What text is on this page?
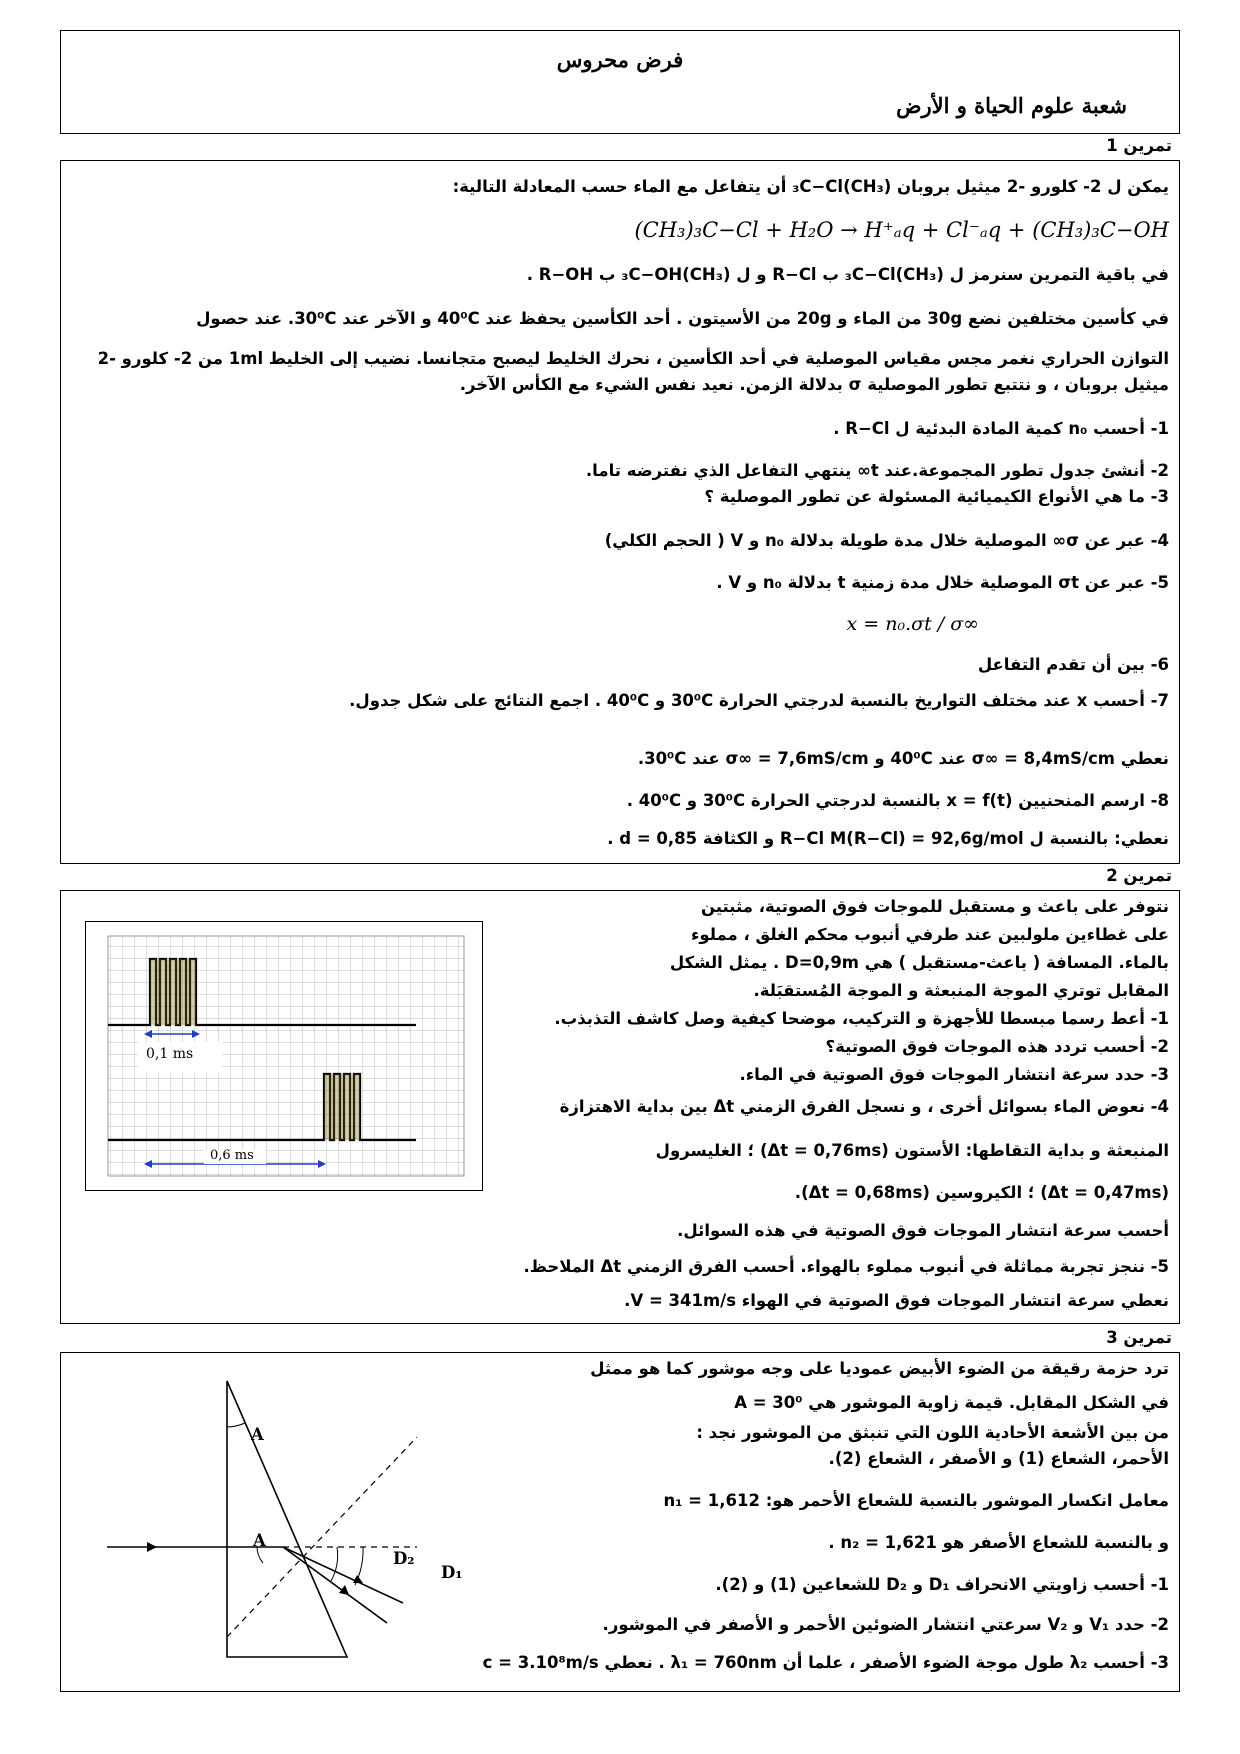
فرض محروس
شعبة علوم الحياة و الأرض
تمرين 1
يمكن ل 2- كلورو -2 ميثيل بروبان (CH₃)₃C−Cl أن يتفاعل مع الماء حسب المعادلة التالية:
(CH₃)₃C−Cl + H₂O → H⁺ₐq + Cl⁻ₐq + (CH₃)₃C−OH
في باقية التمرين سنرمز ل (CH₃)₃C−Cl ب R−Cl و ل (CH₃)₃C−OH ب R−OH .
في كأسين مختلفين نضع 30g من الماء و 20g من الأسيتون . أحد الكأسين يحفظ عند 40⁰C و الآخر عند 30⁰C. عند حصول
التوازن الحراري نغمر مجس مقياس الموصلية في أحد الكأسين ، نحرك الخليط ليصبح متجانسا. نضيب إلى الخليط 1ml من 2- كلورو -2
ميثيل بروبان ، و نتتبع تطور الموصلية σ بدلالة الزمن. نعيد نفس الشيء مع الكأس الآخر.
1- أحسب n₀ كمية المادة البدئية ل R−Cl .
2- أنشئ جدول تطور المجموعة.عند t∞ ينتهي التفاعل الذي نفترضه تاما.
3- ما هي الأنواع الكيميائية المسئولة عن تطور الموصلية ؟
4- عبر عن σ∞ الموصلية خلال مدة طويلة بدلالة n₀ و V ( الحجم الكلي)
5- عبر عن σt الموصلية خلال مدة زمنية t بدلالة n₀ و V .
x = n₀.σt / σ∞
6- بين أن تقدم التفاعل
7- أحسب x عند مختلف التواريخ بالنسبة لدرجتي الحرارة 30⁰C و 40⁰C . اجمع النتائج على شكل جدول.
نعطي σ∞ = 8,4mS/cm عند 40⁰C و σ∞ = 7,6mS/cm عند 30⁰C.
8- ارسم المنحنيين x = f(t) بالنسبة لدرجتي الحرارة 30⁰C و 40⁰C .
نعطي: بالنسبة ل R−Cl M(R−Cl) = 92,6g/mol و الكثافة d = 0,85 .
تمرين 2
نتوفر على باعث و مستقبل للموجات فوق الصوتية، مثبتين
على غطاءين ملولبين عند طرفي أنبوب محكم الغلق ، مملوء
بالماء. المسافة ( باعث-مستقبل ) هي D=0,9m . يمثل الشكل
المقابل توتري الموجة المنبعثة و الموجة المُستقبَلة.
1- أعط رسما مبسطا للأجهزة و التركيب، موضحا كيفية وصل كاشف التذبذب.
2- أحسب تردد هذه الموجات فوق الصوتية؟
3- حدد سرعة انتشار الموجات فوق الصوتية في الماء.
4- نعوض الماء بسوائل أخرى ، و نسجل الفرق الزمني Δt بين بداية الاهتزازة
المنبعثة و بداية التقاطها: الأستون (Δt = 0,76ms) ؛ الغليسرول
(Δt = 0,47ms) ؛ الكيروسين (Δt = 0,68ms).
أحسب سرعة انتشار الموجات فوق الصوتية في هذه السوائل.
5- ننجز تجربة مماثلة في أنبوب مملوء بالهواء. أحسب الفرق الزمني Δt الملاحظ.
نعطي سرعة انتشار الموجات فوق الصوتية في الهواء V = 341m/s.
0,1 ms
0,6 ms
تمرين 3
ترد حزمة رقيقة من الضوء الأبيض عموديا على وجه موشور كما هو ممثل
في الشكل المقابل. قيمة زاوية الموشور هي A = 30⁰
من بين الأشعة الأحادية اللون التي تنبثق من الموشور نجد :
الأحمر، الشعاع (1) و الأصفر ، الشعاع (2).
معامل انكسار الموشور بالنسبة للشعاع الأحمر هو: n₁ = 1,612
و بالنسبة للشعاع الأصفر هو n₂ = 1,621 .
1- أحسب زاويتي الانحراف D₁ و D₂ للشعاعين (1) و (2).
2- حدد V₁ و V₂ سرعتي انتشار الضوئين الأحمر و الأصفر في الموشور.
3- أحسب λ₂ طول موجة الضوء الأصفر ، علما أن λ₁ = 760nm . نعطي c = 3.10⁸m/s
A
A
D₂
D₁
